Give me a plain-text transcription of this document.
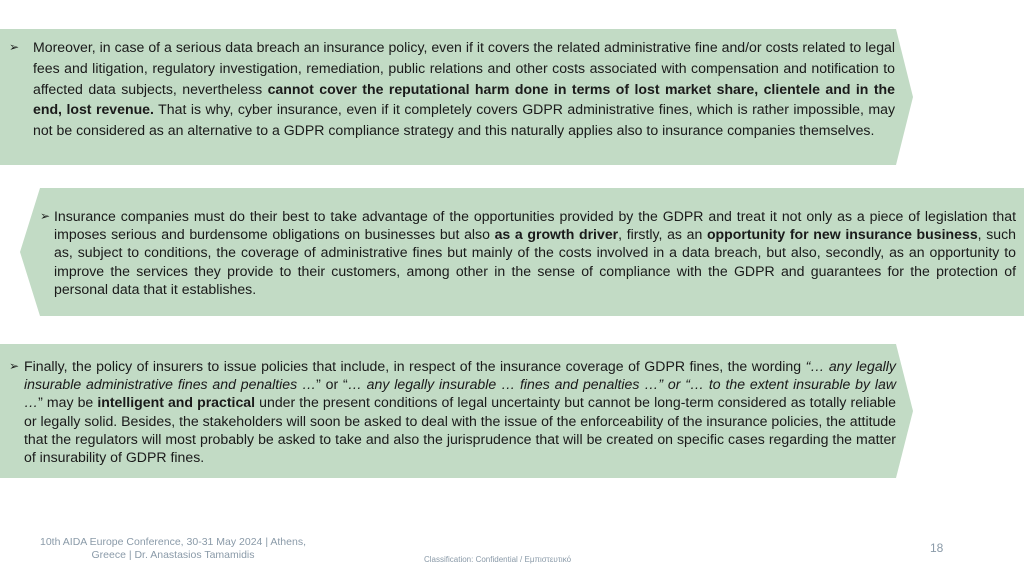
➢
➢
➢
Moreover, in case of a serious data breach an insurance policy, even if it covers the related administrative fine and/or costs related to legal fees and litigation, regulatory investigation, remediation, public relations and other costs associated with compensation and notification to affected data subjects, nevertheless cannot cover the reputational harm done in terms of lost market share, clientele and in the end, lost revenue. That is why, cyber insurance, even if it completely covers GDPR administrative fines, which is rather impossible, may not be considered as an alternative to a GDPR compliance strategy and this naturally applies also to insurance companies themselves.
Insurance companies must do their best to take advantage of the opportunities provided by the GDPR and treat it not only as a piece of legislation that imposes serious and burdensome obligations on businesses but also as a growth driver, firstly, as an opportunity for new insurance business, such as, subject to conditions, the coverage of administrative fines but mainly of the costs involved in a data breach, but also, secondly, as an opportunity to improve the services they provide to their customers, among other in the sense of compliance with the GDPR and guarantees for the protection of personal data that it establishes.
Finally, the policy of insurers to issue policies that include, in respect of the insurance coverage of GDPR fines, the wording “… any legally insurable administrative fines and penalties …” or “… any legally insurable … fines and penalties …” or “… to the extent insurable by law …” may be intelligent and practical under the present conditions of legal uncertainty but cannot be long-term considered as totally reliable or legally solid. Besides, the stakeholders will soon be asked to deal with the issue of the enforceability of the insurance policies, the attitude that the regulators will most probably be asked to take and also the jurisprudence that will be created on specific cases regarding the matter of insurability of GDPR fines.
10th AIDA Europe Conference, 30-31 May 2024 | Athens, Greece | Dr. Anastasios Tamamidis	Classification: Confidential / Εμπιστευτικό
18
